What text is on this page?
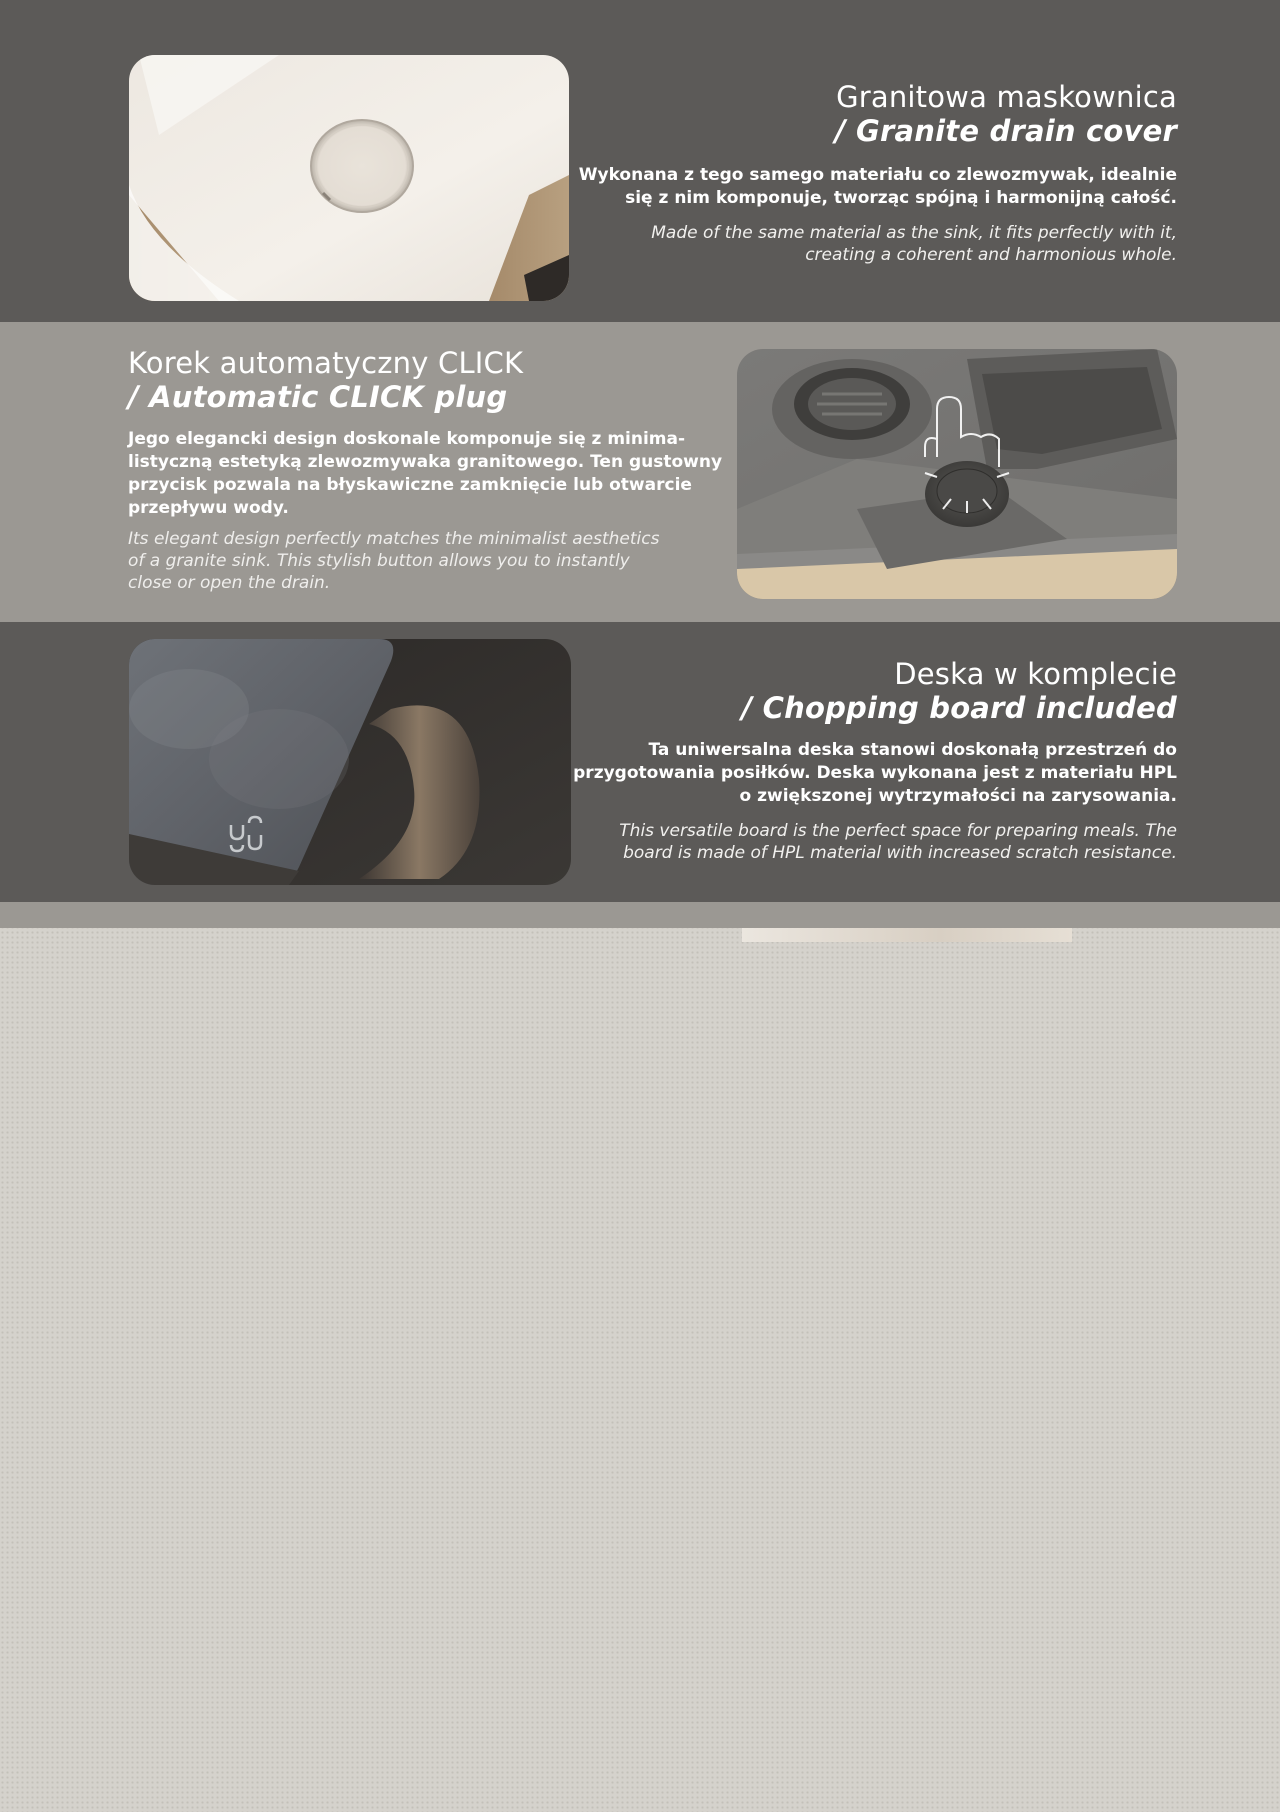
Granitowa maskownica
/ Granite drain cover

Wykonana z tego samego materiału co zlewozmywak, idealnie
się z nim komponuje, tworząc spójną i harmonijną całość.

Made of the same material as the sink, it fits perfectly with it,
creating a coherent and harmonious whole.

Korek automatyczny CLICK
/ Automatic CLICK plug

Jego elegancki design doskonale komponuje się z minima-
listyczną estetyką zlewozmywaka granitowego. Ten gustowny
przycisk pozwala na błyskawiczne zamknięcie lub otwarcie
przepływu wody.

Its elegant design perfectly matches the minimalist aesthetics
of a granite sink. This stylish button allows you to instantly
close or open the drain.

Deska w komplecie
/ Chopping board included

Ta uniwersalna deska stanowi doskonałą przestrzeń do
przygotowania posiłków. Deska wykonana jest z materiału HPL
o zwiększonej wytrzymałości na zarysowania.

This versatile board is the perfect space for preparing meals. The
board is made of HPL material with increased scratch resistance.
